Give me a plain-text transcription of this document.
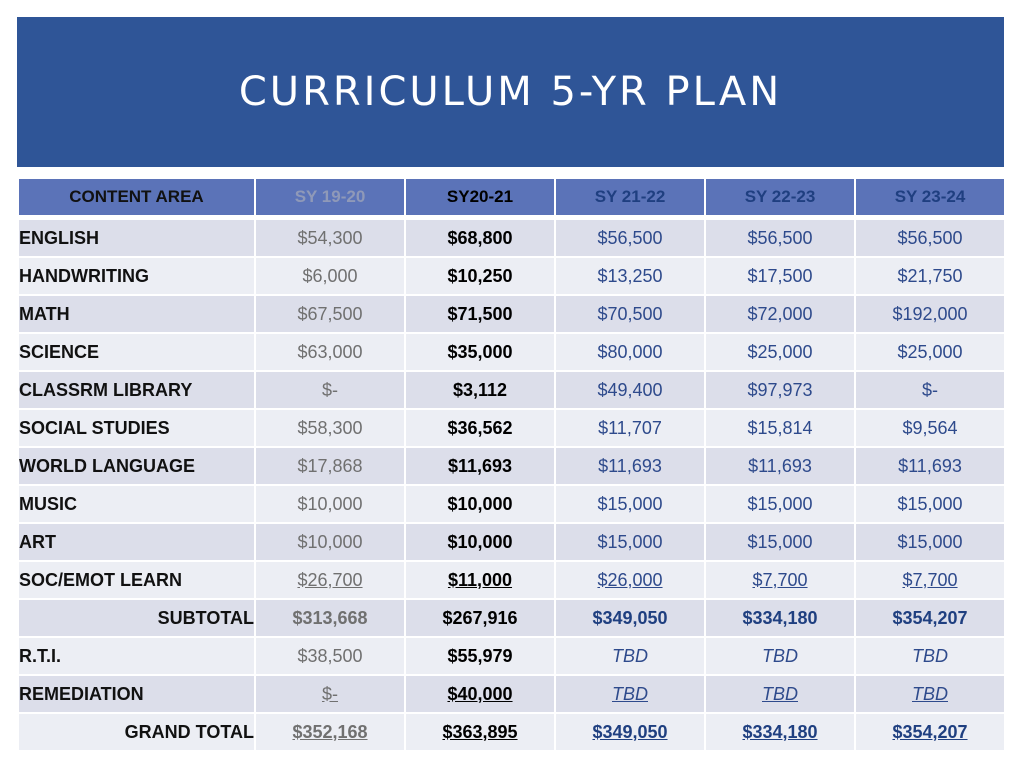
CURRICULUM 5-YR PLAN
CONTENT AREA	SY 19-20	SY20-21	SY 21-22	SY 22-23	SY 23-24
ENGLISH	$54,300	$68,800	$56,500	$56,500	$56,500
HANDWRITING	$6,000	$10,250	$13,250	$17,500	$21,750
MATH	$67,500	$71,500	$70,500	$72,000	$192,000
SCIENCE	$63,000	$35,000	$80,000	$25,000	$25,000
CLASSRM LIBRARY	$-	$3,112	$49,400	$97,973	$-
SOCIAL STUDIES	$58,300	$36,562	$11,707	$15,814	$9,564
WORLD LANGUAGE	$17,868	$11,693	$11,693	$11,693	$11,693
MUSIC	$10,000	$10,000	$15,000	$15,000	$15,000
ART	$10,000	$10,000	$15,000	$15,000	$15,000
SOC/EMOT LEARN	$26,700	$11,000	$26,000	$7,700	$7,700
SUBTOTAL	$313,668	$267,916	$349,050	$334,180	$354,207
R.T.I.	$38,500	$55,979	TBD	TBD	TBD
REMEDIATION	$-	$40,000	TBD	TBD	TBD
GRAND TOTAL	$352,168	$363,895	$349,050	$334,180	$354,207
